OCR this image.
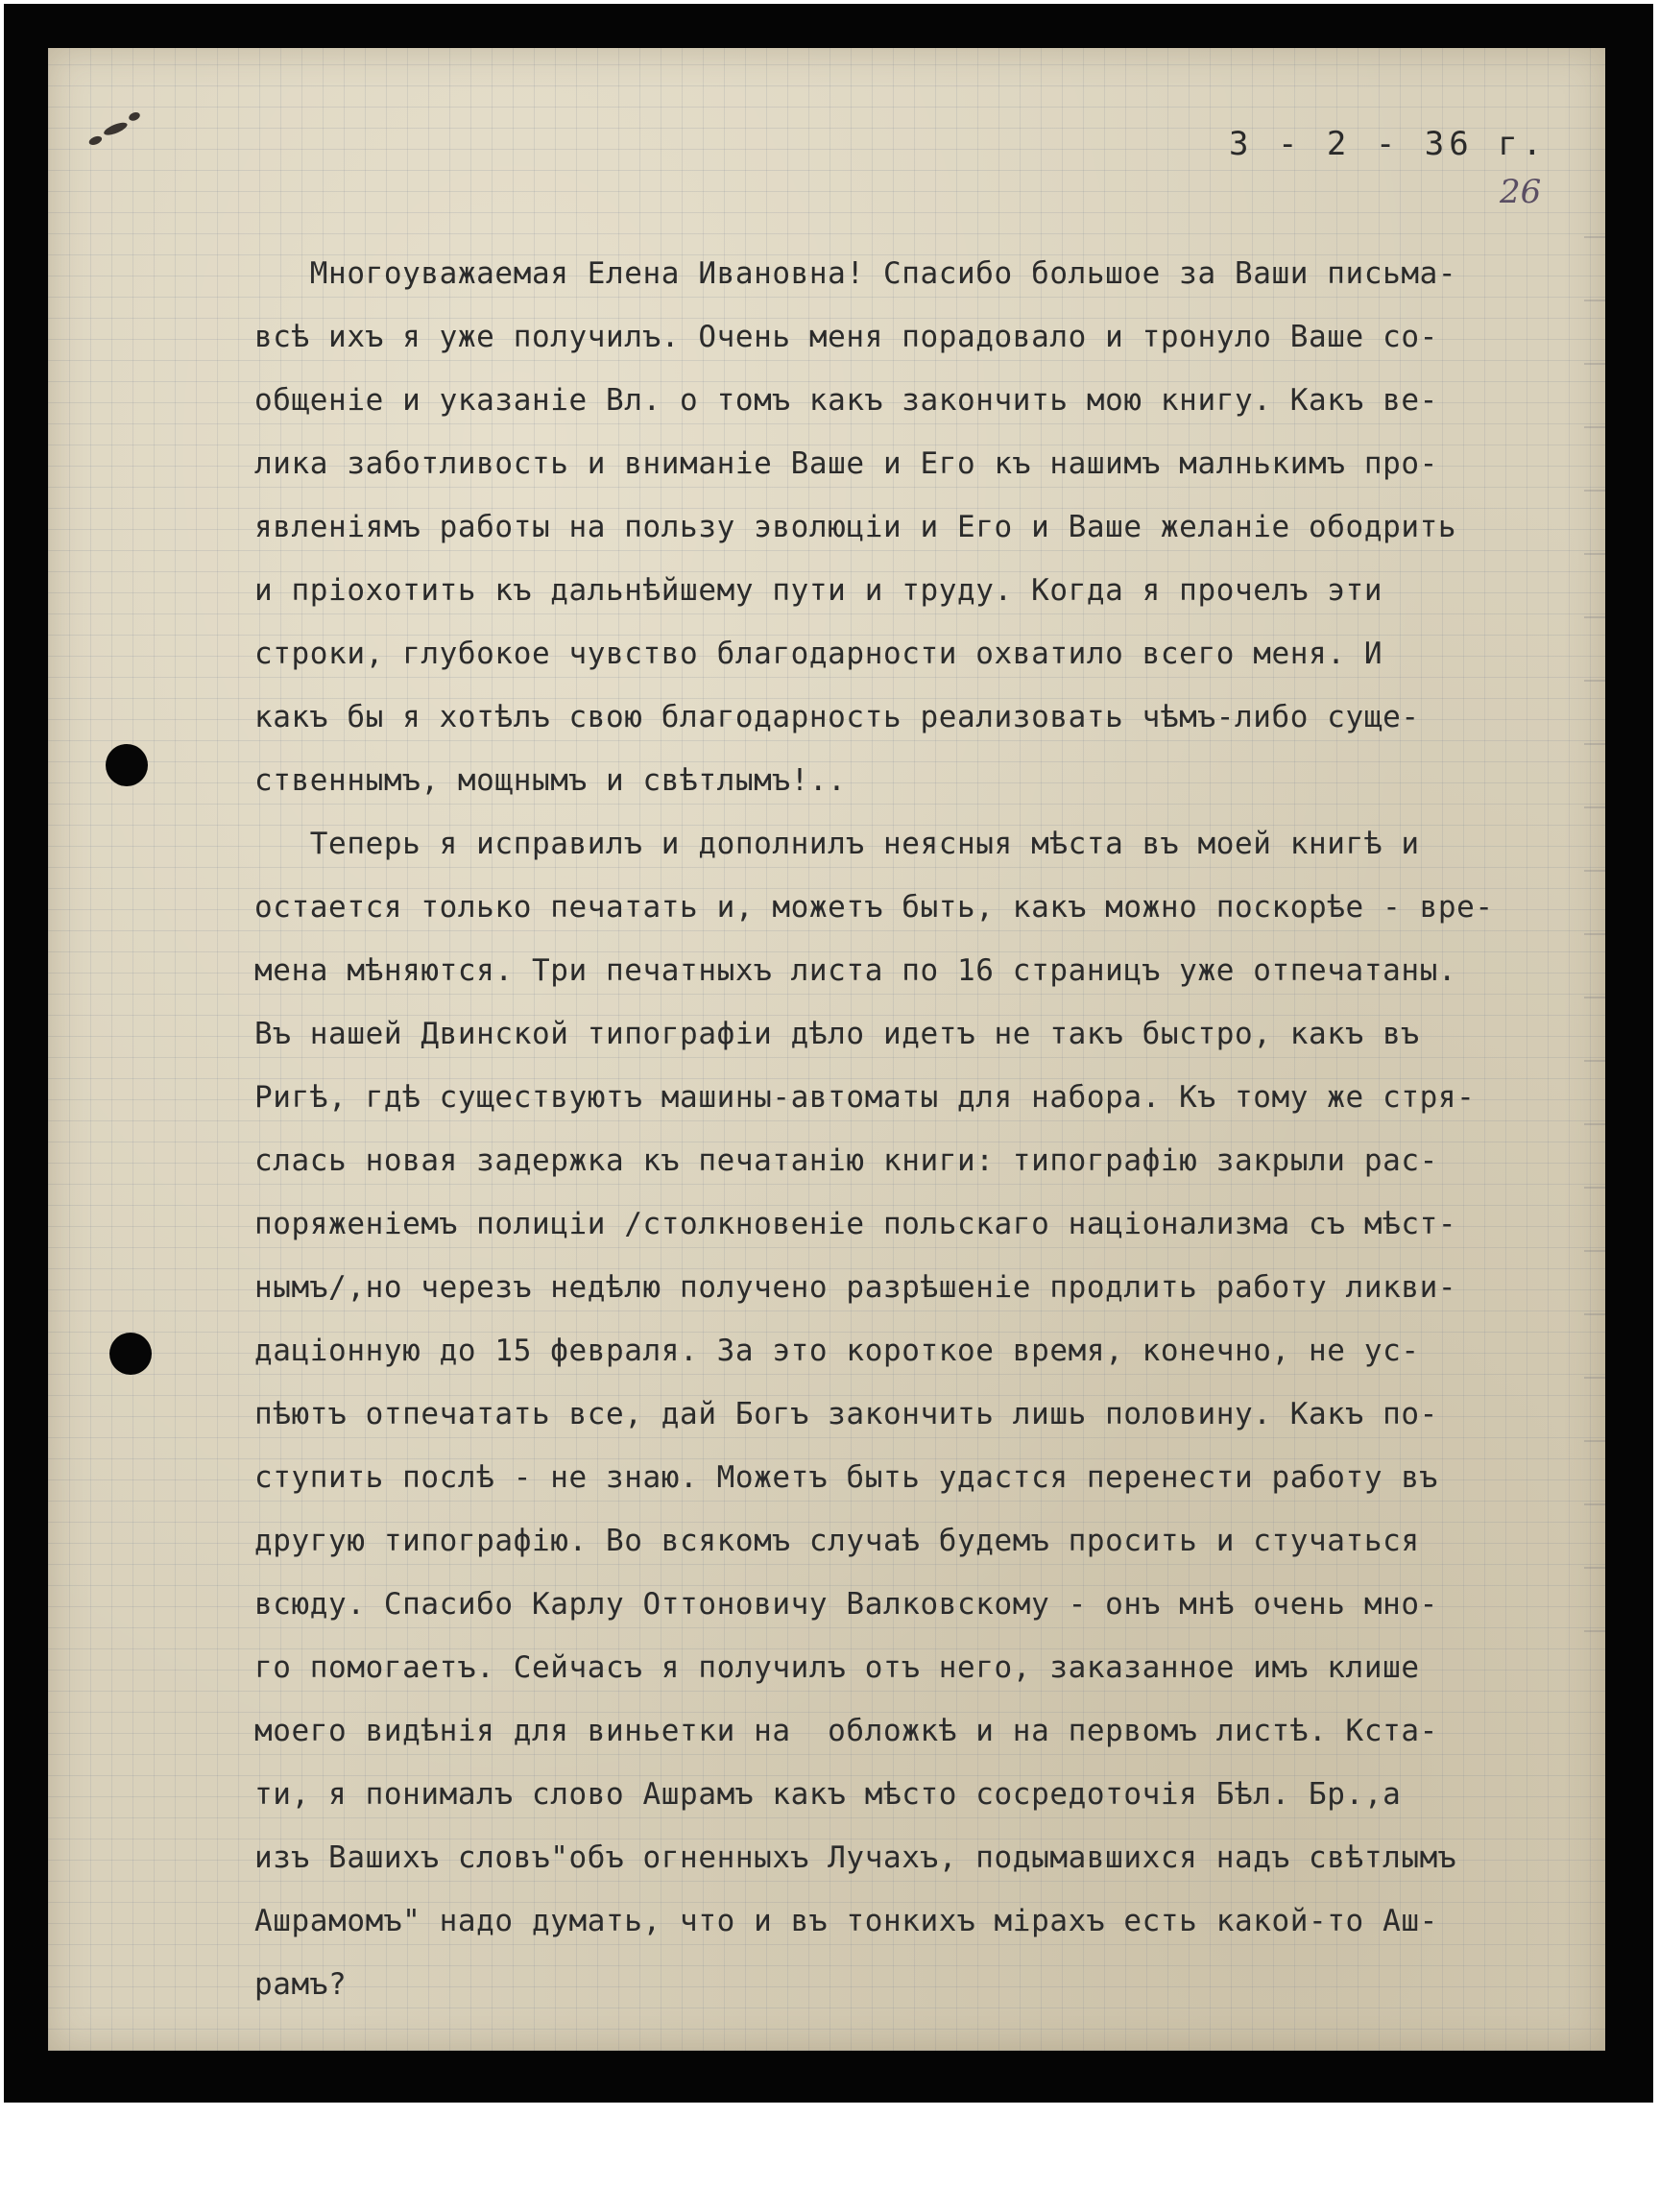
3 - 2 - 36 г.
26
Многоуважаемая Елена Ивановна! Спасибо большое за Ваши письма-
всѣ ихъ я уже получилъ. Очень меня порадовало и тронуло Ваше со-
общенiе и указанiе Вл. о томъ какъ закончить мою книгу. Какъ ве-
лика заботливость и вниманiе Ваше и Его къ нашимъ малнькимъ про-
явленiямъ работы на пользу эволюцiи и Его и Ваше желанiе ободрить
и прiохотить къ дальнѣйшему пути и труду. Когда я прочелъ эти
строки, глубокое чувство благодарности охватило всего меня. И
какъ бы я хотѣлъ свою благодарность реализовать чѣмъ-либо суще-
ственнымъ, мощнымъ и свѣтлымъ!..
Теперь я исправилъ и дополнилъ неясныя мѣста въ моей книгѣ и
остается только печатать и, можетъ быть, какъ можно поскорѣе - вре-
мена мѣняются. Три печатныхъ листа по 16 страницъ уже отпечатаны.
Въ нашей Двинской типографiи дѣло идетъ не такъ быстро, какъ въ
Ригѣ, гдѣ существуютъ машины-автоматы для набора. Къ тому же стря-
слась новая задержка къ печатанiю книги: типографiю закрыли рас-
поряженiемъ полицiи /столкновенiе польскаго нацiонализма съ мѣст-
нымъ/,но черезъ недѣлю получено разрѣшенiе продлить работу ликви-
дацiонную до 15 февраля. За это короткое время, конечно, не ус-
пѣютъ отпечатать все, дай Богъ закончить лишь половину. Какъ по-
ступить послѣ - не знаю. Можетъ быть удастся перенести работу въ
другую типографiю. Во всякомъ случаѣ будемъ просить и стучаться
всюду. Спасибо Карлу Оттоновичу Валковскому - онъ мнѣ очень мно-
го помогаетъ. Сейчасъ я получилъ отъ него, заказанное имъ клише
моего видѣнiя для виньетки на  обложкѣ и на первомъ листѣ. Кста-
ти, я понималъ слово Ашрамъ какъ мѣсто сосредоточiя Бѣл. Бр.,а
изъ Вашихъ словъ"объ огненныхъ Лучахъ, подымавшихся надъ свѣтлымъ
Ашрамомъ" надо думать, что и въ тонкихъ мiрахъ есть какой-то Аш-
рамъ?
